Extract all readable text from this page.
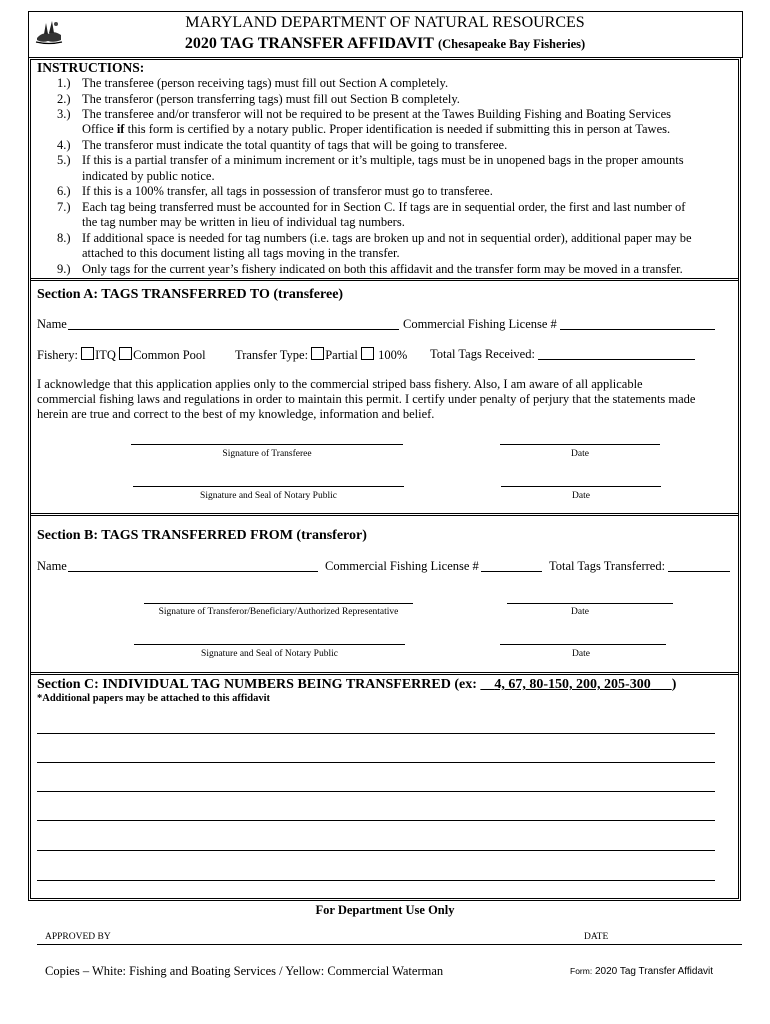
MARYLAND DEPARTMENT OF NATURAL RESOURCES
2020 TAG TRANSFER AFFIDAVIT (Chesapeake Bay Fisheries)
INSTRUCTIONS:
1.) The transferee (person receiving tags) must fill out Section A completely.
2.) The transferor (person transferring tags) must fill out Section B completely.
3.) The transferee and/or transferor will not be required to be present at the Tawes Building Fishing and Boating Services
Office if this form is certified by a notary public. Proper identification is needed if submitting this in person at Tawes.
4.) The transferor must indicate the total quantity of tags that will be going to transferee.
5.) If this is a partial transfer of a minimum increment or it’s multiple, tags must be in unopened bags in the proper amounts
indicated by public notice.
6.) If this is a 100% transfer, all tags in possession of transferor must go to transferee.
7.) Each tag being transferred must be accounted for in Section C. If tags are in sequential order, the first and last number of
the tag number may be written in lieu of individual tag numbers.
8.) If additional space is needed for tag numbers (i.e. tags are broken up and not in sequential order), additional paper may be
attached to this document listing all tags moving in the transfer.
9.) Only tags for the current year’s fishery indicated on both this affidavit and the transfer form may be moved in a transfer.
Section A: TAGS TRANSFERRED TO (transferee)
Name	Commercial Fishing License #
Fishery: ITQ Common Pool Transfer Type: Partial 100% Total Tags Received:
I acknowledge that this application applies only to the commercial striped bass fishery. Also, I am aware of all applicable
commercial fishing laws and regulations in order to maintain this permit. I certify under penalty of perjury that the statements made
herein are true and correct to the best of my knowledge, information and belief.
Signature of Transferee	Date
Signature and Seal of Notary Public	Date
Section B: TAGS TRANSFERRED FROM (transferor)
Name	Commercial Fishing License #	Total Tags Transferred:
Signature of Transferor/Beneficiary/Authorized Representative	Date
Signature and Seal of Notary Public	Date
Section C: INDIVIDUAL TAG NUMBERS BEING TRANSFERRED (ex: 4, 67, 80-150, 200, 205-300 )
*Additional papers may be attached to this affidavit
For Department Use Only
APPROVED BY	DATE
Copies – White: Fishing and Boating Services / Yellow: Commercial Waterman	Form: 2020 Tag Transfer Affidavit
